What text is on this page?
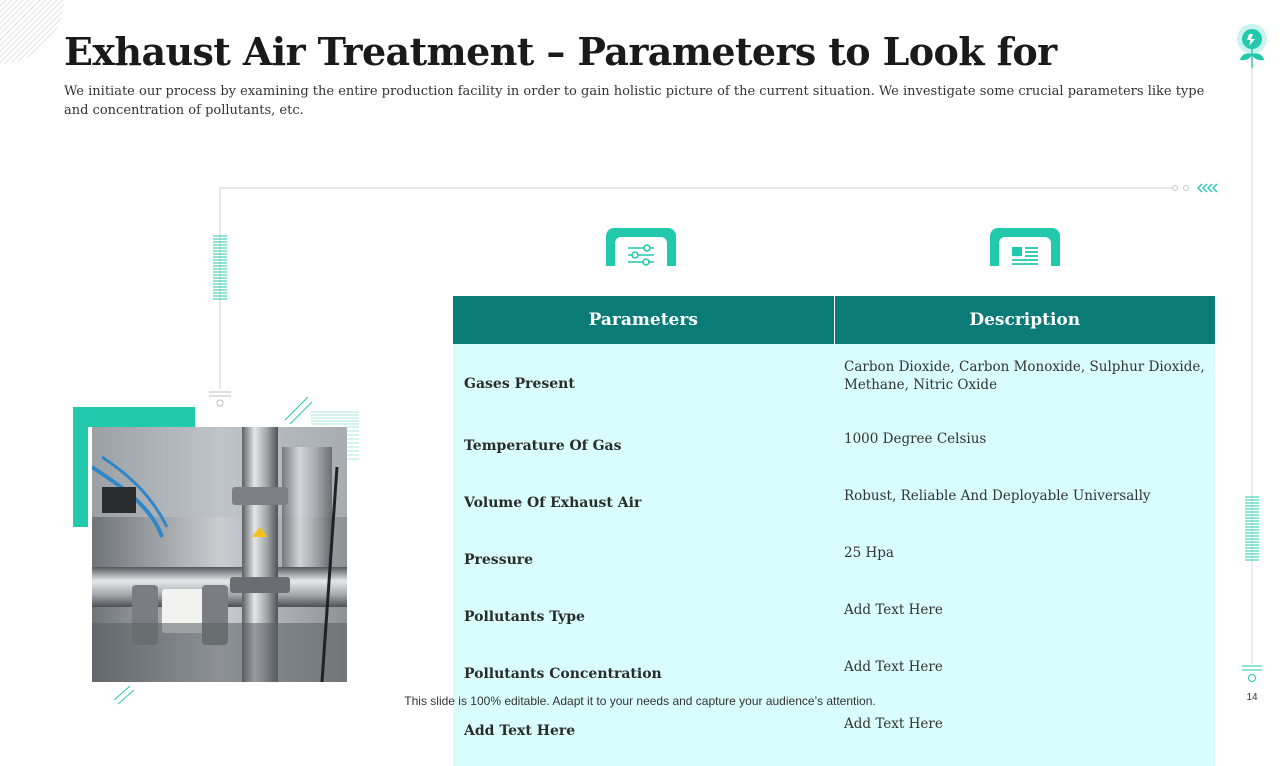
Exhaust Air Treatment – Parameters to Look for

We initiate our process by examining the entire production facility in order to gain holistic picture of the current situation. We investigate some crucial parameters like type and concentration of pollutants, etc.

Parameters	Description
Gases Present	Carbon Dioxide, Carbon Monoxide, Sulphur Dioxide, Methane, Nitric Oxide
Temperature Of Gas	1000 Degree Celsius
Volume Of Exhaust Air	Robust, Reliable And Deployable Universally
Pressure	25 Hpa
Pollutants Type	Add Text Here
Pollutants Concentration	Add Text Here
Add Text Here	Add Text Here
This slide is 100% editable. Adapt it to your needs and capture your audience’s attention.	14
